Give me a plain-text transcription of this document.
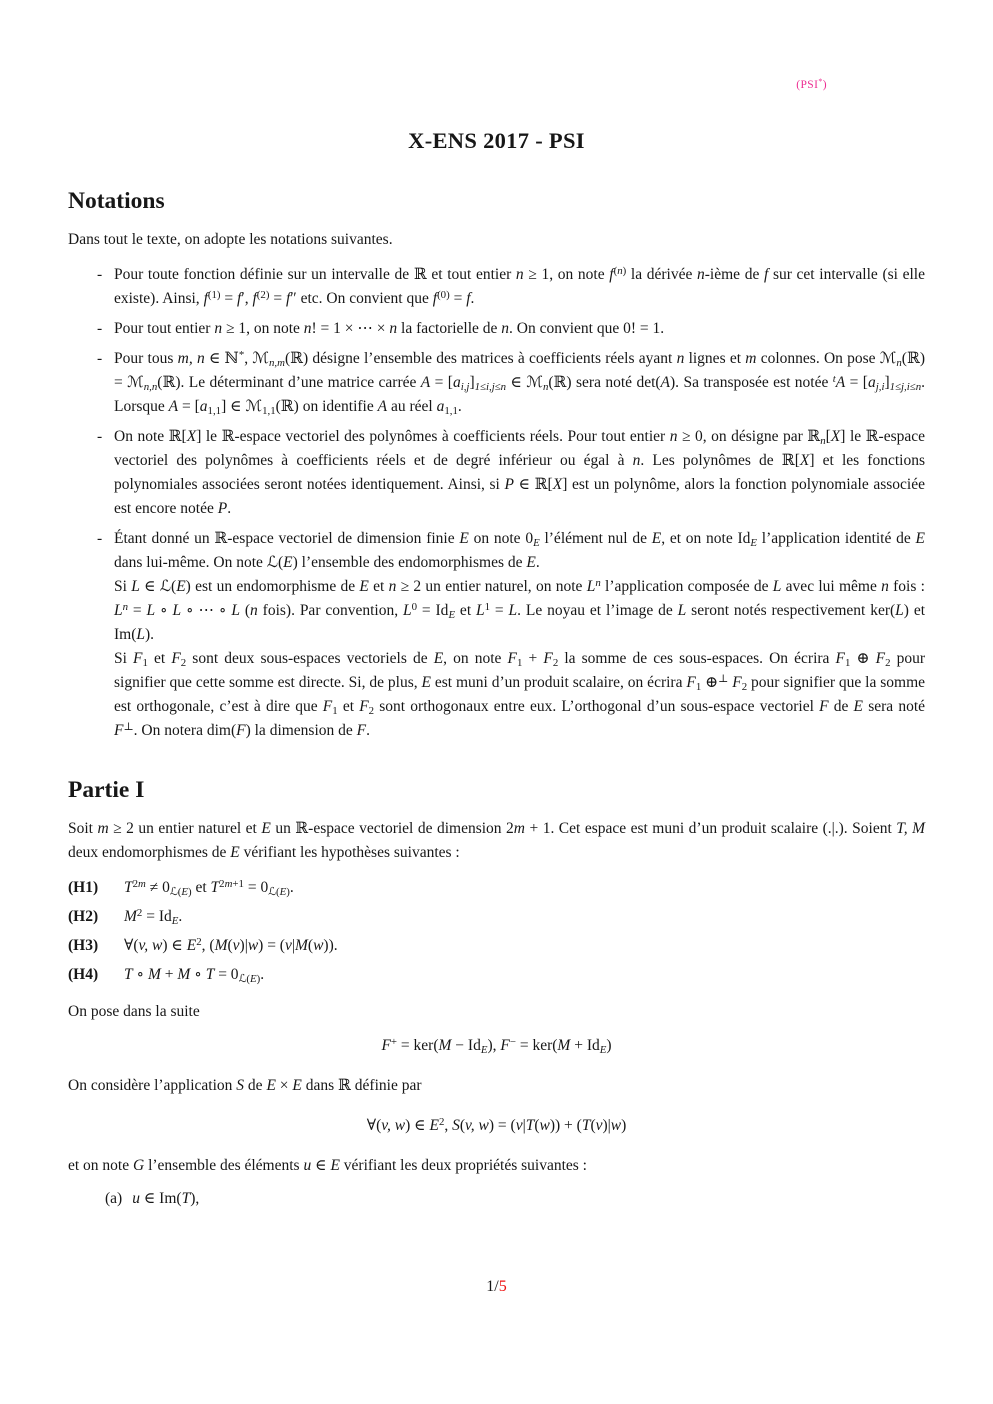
(PSI*)
X-ENS 2017 - PSI
Notations

Dans tout le texte, on adopte les notations suivantes.

- Pour toute fonction définie sur un intervalle de ℝ et tout entier n ≥ 1, on note $f^{(n)}$ la dérivée n-ième de f sur cet intervalle (si elle existe). Ainsi, $f^{(1)} = f'$, $f^{(2)} = f''$ etc. On convient que $f^{(0)} = f$.
- Pour tout entier n ≥ 1, on note n! = 1 × ⋯ × n la factorielle de n. On convient que 0! = 1.
- Pour tous m, n ∈ ℕ*, ℳ$_{n,m}$(ℝ) désigne l’ensemble des matrices à coefficients réels ayant n lignes et m colonnes. On pose ℳ$_n$(ℝ) = ℳ$_{n,n}$(ℝ). Le déterminant d’une matrice carrée $A = [a_{i,j}]_{1\le i,j\le n}$ ∈ ℳ$_n$(ℝ) sera noté det(A). Sa transposée est notée $^tA = [a_{j,i}]_{1\le j,i\le n}$. Lorsque $A = [a_{1,1}]$ ∈ ℳ$_{1,1}$(ℝ) on identifie A au réel $a_{1,1}$.
- On note ℝ[X] le ℝ-espace vectoriel des polynômes à coefficients réels. Pour tout entier n ≥ 0, on désigne par ℝ$_n$[X] le ℝ-espace vectoriel des polynômes à coefficients réels et de degré inférieur ou égal à n. Les polynômes de ℝ[X] et les fonctions polynomiales associées seront notées identiquement. Ainsi, si P ∈ ℝ[X] est un polynôme, alors la fonction polynomiale associée est encore notée P.
- Étant donné un ℝ-espace vectoriel de dimension finie E on note $0_E$ l’élément nul de E, et on note $Id_E$ l’application identité de E dans lui-même. On note ℒ(E) l’ensemble des endomorphismes de E.
Si L ∈ ℒ(E) est un endomorphisme de E et n ≥ 2 un entier naturel, on note $L^n$ l’application composée de L avec lui même n fois : $L^n = L$ ∘ L ∘ ⋯ ∘ L (n fois). Par convention, $L^0 = Id_E$ et $L^1 = L$. Le noyau et l’image de L seront notés respectivement ker(L) et Im(L).
Si $F_1$ et $F_2$ sont deux sous-espaces vectoriels de E, on note $F_1 + F_2$ la somme de ces sous-espaces. On écrira $F_1$ ⊕ $F_2$ pour signifier que cette somme est directe. Si, de plus, E est muni d’un produit scalaire, on écrira $F_1$ ⊕⊥ $F_2$ pour signifier que la somme est orthogonale, c’est à dire que $F_1$ et $F_2$ sont orthogonaux entre eux. L’orthogonal d’un sous-espace vectoriel F de E sera noté F⊥. On notera dim(F) la dimension de F.
Partie I

Soit m ≥ 2 un entier naturel et E un ℝ-espace vectoriel de dimension 2m + 1. Cet espace est muni d’un produit scalaire (.|.). Soient T, M deux endomorphismes de E vérifiant les hypothèses suivantes :

(H1) $T^{2m} \ne 0_{ℒ(E)}$ et $T^{2m+1} = 0_{ℒ(E)}$.
(H2) $M^2 = Id_E$.
(H3) ∀(v, w) ∈ $E^2$, (M(v)|w) = (v|M(w)).
(H4) T ∘ M + M ∘ $T = 0_{ℒ(E)}$.

On pose dans la suite

$F^+ = ker(M - Id_E)$, $F^- = ker(M + Id_E)$

On considère l’application S de E × E dans ℝ définie par

∀(v, w) ∈ $E^2$, S(v, w) = (v|T(w)) + (T(v)|w)

et on note G l’ensemble des éléments u ∈ E vérifiant les deux propriétés suivantes :

(a) u ∈ Im(T),
1/5
